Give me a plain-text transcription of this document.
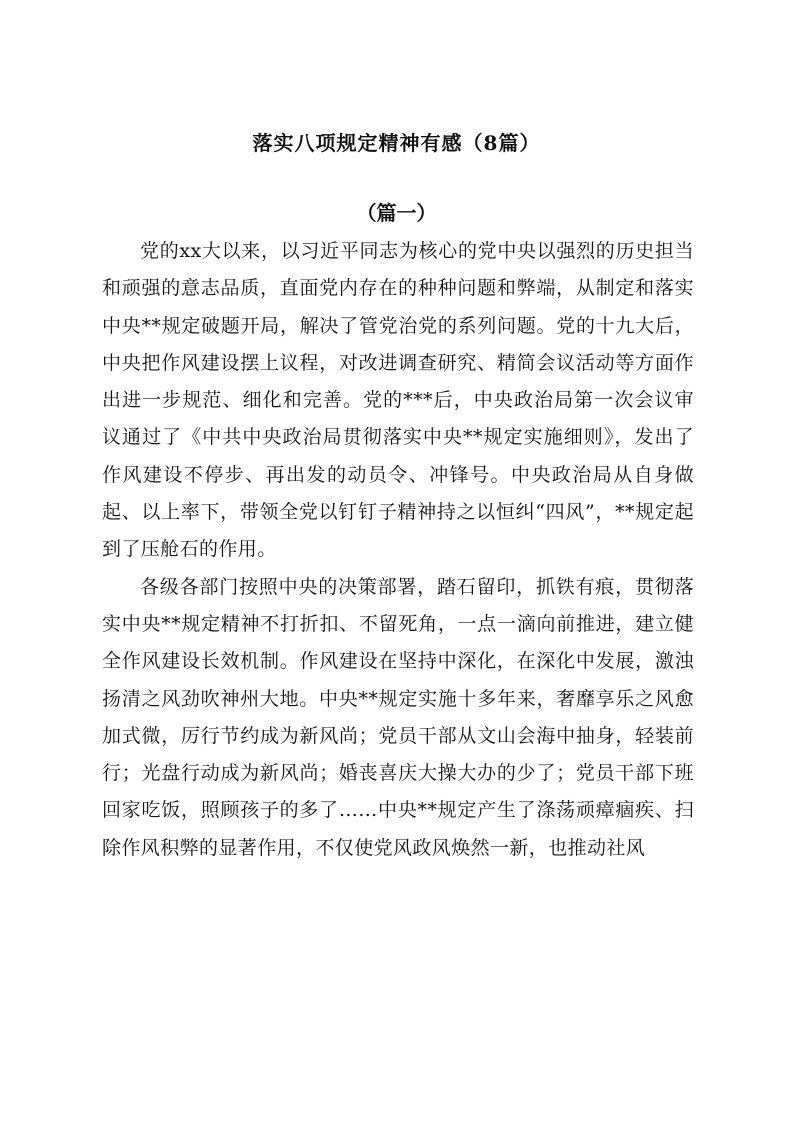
落实八项规定精神有感（8篇）
（篇一）

党的xx大以来，以习近平同志为核心的党中央以强烈的历史担当和顽强的意志品质，直面党内存在的种种问题和弊端，从制定和落实中央**规定破题开局，解决了管党治党的系列问题。党的十九大后，中央把作风建设摆上议程，对改进调查研究、精简会议活动等方面作出进一步规范、细化和完善。党的***后，中央政治局第一次会议审议通过了《中共中央政治局贯彻落实中央**规定实施细则》，发出了作风建设不停步、再出发的动员令、冲锋号。中央政治局从自身做起、以上率下，带领全党以钉钉子精神持之以恒纠“四风”，**规定起到了压舱石的作用。

各级各部门按照中央的决策部署，踏石留印，抓铁有痕，贯彻落实中央**规定精神不打折扣、不留死角，一点一滴向前推进，建立健全作风建设长效机制。作风建设在坚持中深化，在深化中发展，激浊扬清之风劲吹神州大地。中央**规定实施十多年来，奢靡享乐之风愈加式微，厉行节约成为新风尚；党员干部从文山会海中抽身，轻装前行；光盘行动成为新风尚；婚丧喜庆大操大办的少了；党员干部下班回家吃饭，照顾孩子的多了……中央**规定产生了涤荡顽瘴痼疾、扫除作风积弊的显著作用，不仅使党风政风焕然一新，也推动社风
